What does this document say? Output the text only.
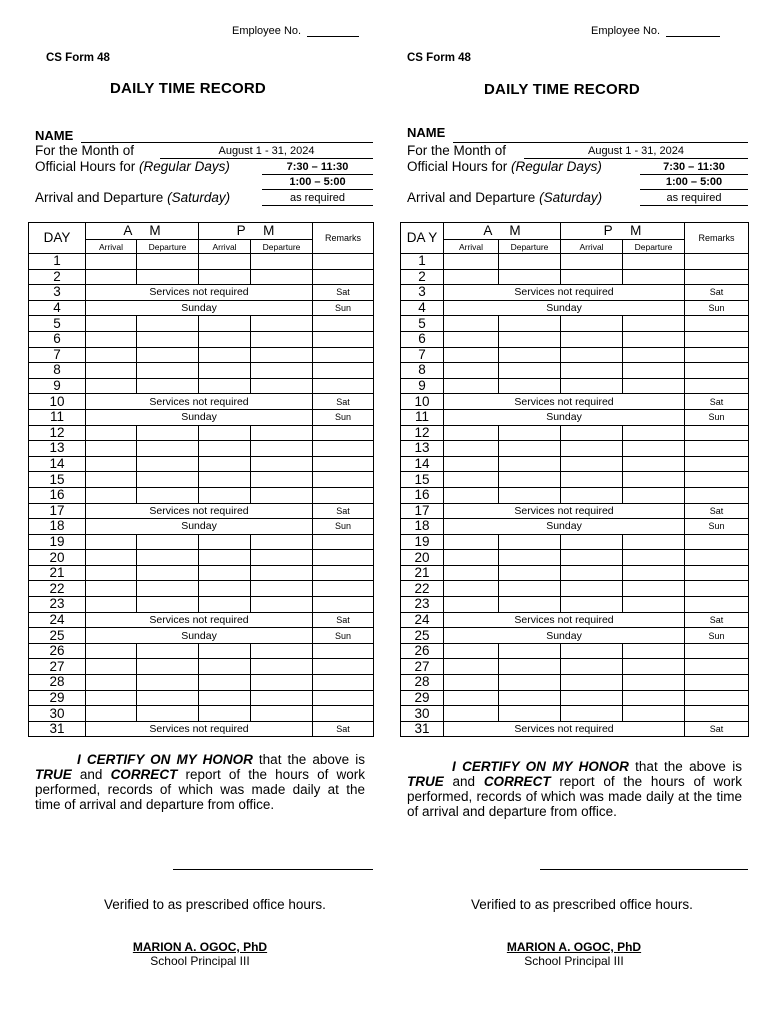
Employee No.
CS Form 48
DAILY TIME RECORD
NAME
For the Month of	August 1 - 31, 2024
Official Hours for (Regular Days)	7:30 – 11:30
1:00 – 5:00
Arrival and Departure (Saturday)	as required
DAY	A M		P M		Remarks
	Arrival	Departure	Arrival	Departure	
1					
2					
3	Services not required				Sat
4	Sunday				Sun
5					
6					
7					
8					
9					
10	Services not required				Sat
11	Sunday				Sun
12					
13					
14					
15					
16					
17	Services not required				Sat
18	Sunday				Sun
19					
20					
21					
22					
23					
24	Services not required				Sat
25	Sunday				Sun
26					
27					
28					
29					
30					
31	Services not required				Sat
I CERTIFY ON MY HONOR that the above is TRUE and CORRECT report of the hours of work performed, records of which was made daily at the time of arrival and departure from office.
Verified to as prescribed office hours.
MARION A. OGOC, PhD
School Principal III
Employee No.
CS Form 48
DAILY TIME RECORD
NAME
For the Month of	August 1 - 31, 2024
Official Hours for (Regular Days)	7:30 – 11:30
1:00 – 5:00
Arrival and Departure (Saturday)	as required
DA Y	A M		P M		Remarks
	Arrival	Departure	Arrival	Departure	
1					
2					
3	Services not required				Sat
4	Sunday				Sun
5					
6					
7					
8					
9					
10	Services not required				Sat
11	Sunday				Sun
12					
13					
14					
15					
16					
17	Services not required				Sat
18	Sunday				Sun
19					
20					
21					
22					
23					
24	Services not required				Sat
25	Sunday				Sun
26					
27					
28					
29					
30					
31	Services not required				Sat
I CERTIFY ON MY HONOR that the above is TRUE and CORRECT report of the hours of work performed, records of which was made daily at the time of arrival and departure from office.
Verified to as prescribed office hours.
MARION A. OGOC, PhD
School Principal III
